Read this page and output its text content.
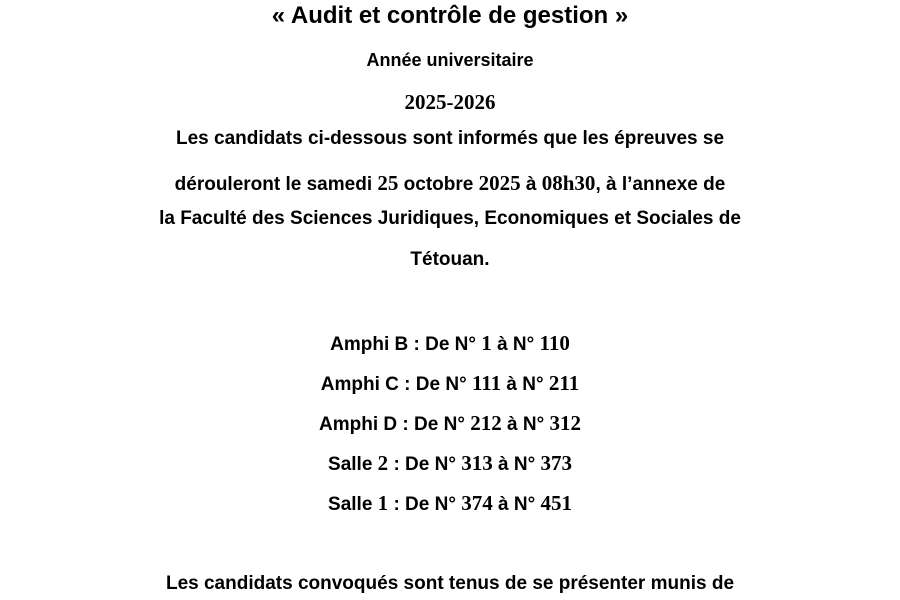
« Audit et contrôle de gestion »
Année universitaire
2025-2026
Les candidats ci-dessous sont informés que les épreuves se
dérouleront le samedi 25 octobre 2025 à 08h30, à l’annexe de
la Faculté des Sciences Juridiques, Economiques et Sociales de
Tétouan.
Amphi B : De N° 1 à N° 110
Amphi C : De N° 111 à N° 211
Amphi D : De N° 212 à N° 312
Salle 2 : De N° 313 à N° 373
Salle 1 : De N° 374 à N° 451
Les candidats convoqués sont tenus de se présenter munis de
